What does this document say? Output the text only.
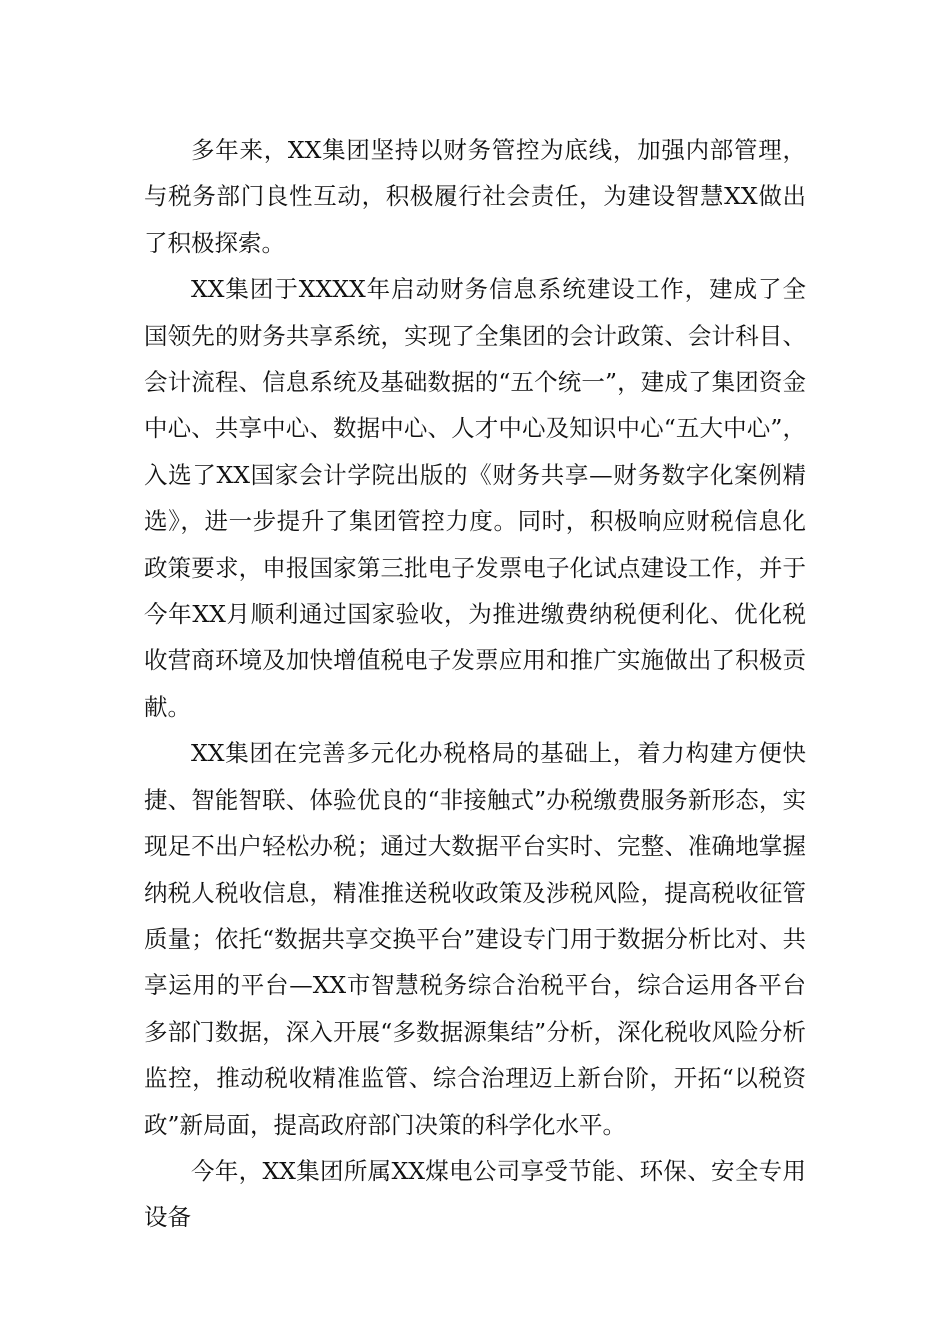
多年来，XX集团坚持以财务管控为底线，加强内部管理，与税务部门良性互动，积极履行社会责任，为建设智慧XX做出了积极探索。

XX集团于XXXX年启动财务信息系统建设工作，建成了全国领先的财务共享系统，实现了全集团的会计政策、会计科目、会计流程、信息系统及基础数据的“五个统一”，建成了集团资金中心、共享中心、数据中心、人才中心及知识中心“五大中心”，入选了XX国家会计学院出版的《财务共享—财务数字化案例精选》，进一步提升了集团管控力度。同时，积极响应财税信息化政策要求，申报国家第三批电子发票电子化试点建设工作，并于今年XX月顺利通过国家验收，为推进缴费纳税便利化、优化税收营商环境及加快增值税电子发票应用和推广实施做出了积极贡献。

XX集团在完善多元化办税格局的基础上，着力构建方便快捷、智能智联、体验优良的“非接触式”办税缴费服务新形态，实现足不出户轻松办税；通过大数据平台实时、完整、准确地掌握纳税人税收信息，精准推送税收政策及涉税风险，提高税收征管质量；依托“数据共享交换平台”建设专门用于数据分析比对、共享运用的平台—XX市智慧税务综合治税平台，综合运用各平台多部门数据，深入开展“多数据源集结”分析，深化税收风险分析监控，推动税收精准监管、综合治理迈上新台阶，开拓“以税资政”新局面，提高政府部门决策的科学化水平。

今年，XX集团所属XX煤电公司享受节能、环保、安全专用设备
